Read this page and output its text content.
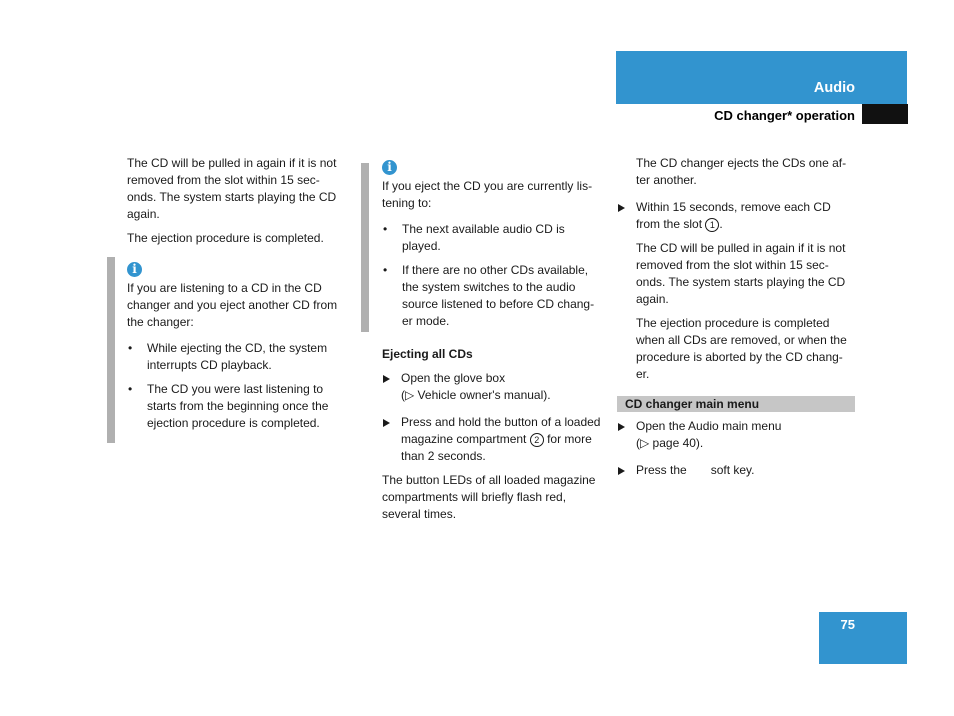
Audio
CD changer* operation

The CD will be pulled in again if it is not
removed from the slot within 15 sec-
onds. The system starts playing the CD
again.

The ejection procedure is completed.

i

If you are listening to a CD in the CD
changer and you eject another CD from
the changer:

• While ejecting the CD, the system
interrupts CD playback.
• The CD you were last listening to
starts from the beginning once the
ejection procedure is completed.
i

If you eject the CD you are currently lis-
tening to:

• The next available audio CD is
played.
• If there are no other CDs available,
the system switches to the audio
source listened to before CD chang-
er mode.
Ejecting all CDs
Open the glove box
(▷ Vehicle owner's manual).
Press and hold the button of a loaded
magazine compartment 2 for more
than 2 seconds.

The button LEDs of all loaded magazine
compartments will briefly flash red,
several times.

The CD changer ejects the CDs one af-
ter another.

Within 15 seconds, remove each CD
from the slot 1 .

The CD will be pulled in again if it is not
removed from the slot within 15 sec-
onds. The system starts playing the CD
again.

The ejection procedure is completed
when all CDs are removed, or when the
procedure is aborted by the CD chang-
er.

CD changer main menu
Open the Audio main menu
(▷ page 40).
Press the soft key.
75
